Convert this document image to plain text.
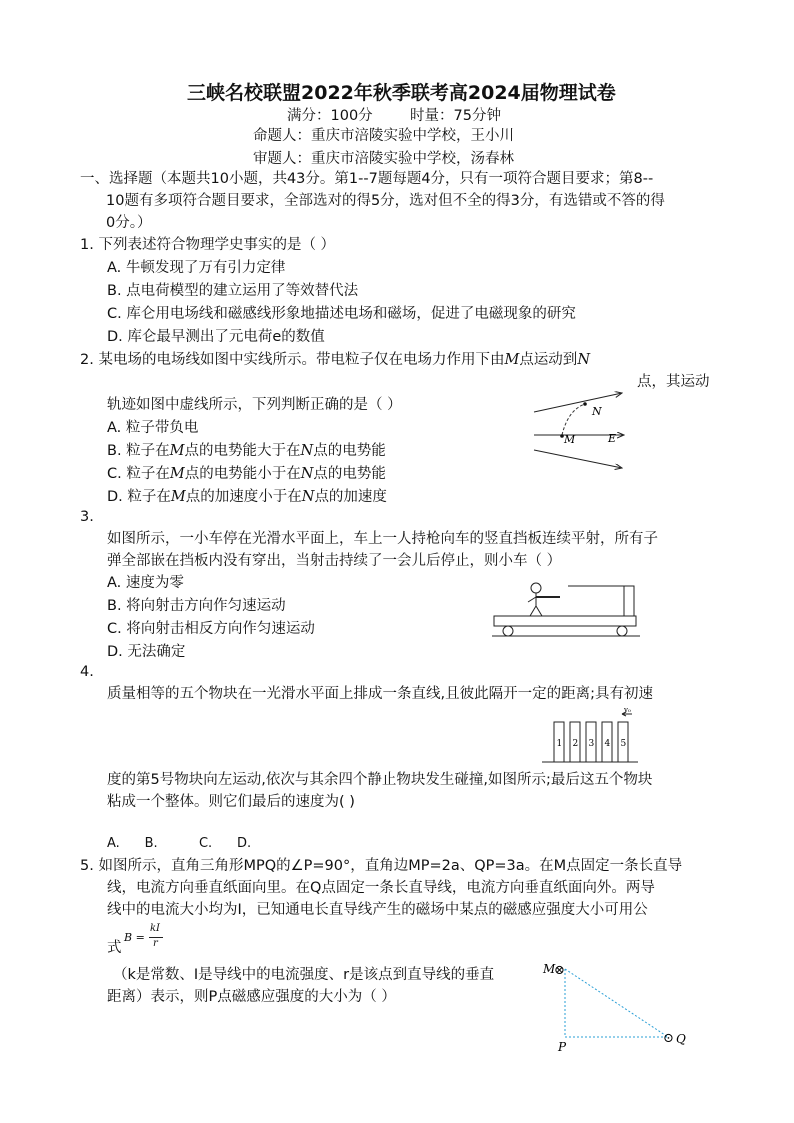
三峡名校联盟2022年秋季联考高2024届物理试卷
满分：100分	时量：75分钟
命题人：重庆市涪陵实验中学校，王小川
审题人：重庆市涪陵实验中学校，汤春林
一、选择题（本题共10小题，共43分。第1--7题每题4分，只有一项符合题目要求；第8--
10题有多项符合题目要求，全部选对的得5分，选对但不全的得3分，有选错或不答的得
0分。）
1. 下列表述符合物理学史事实的是（ ）
A. 牛顿发现了万有引力定律
B. 点电荷模型的建立运用了等效替代法
C. 库仑用电场线和磁感线形象地描述电场和磁场，促进了电磁现象的研究
D. 库仑最早测出了元电荷e的数值
2. 某电场的电场线如图中实线所示。带电粒子仅在电场力作用下由M点运动到N
点，其运动
轨迹如图中虚线所示，下列判断正确的是（ ）
A. 粒子带负电
B. 粒子在M点的电势能大于在N点的电势能
C. 粒子在M点的电势能小于在N点的电势能
D. 粒子在M点的加速度小于在N点的加速度
M
N
E
3.
如图所示，一小车停在光滑水平面上，车上一人持枪向车的竖直挡板连续平射，所有子
弹全部嵌在挡板内没有穿出，当射击持续了一会儿后停止，则小车（ ）
A. 速度为零
B. 将向射击方向作匀速运动
C. 将向射击相反方向作匀速运动
D. 无法确定
4.
质量相等的五个物块在一光滑水平面上排成一条直线,且彼此隔开一定的距离;具有初速
1 2 3 4 5
v₀
度的第5号物块向左运动,依次与其余四个静止物块发生碰撞,如图所示;最后这五个物块
粘成一个整体。则它们最后的速度为( )
A.      B.          C.      D.
5. 如图所示，直角三角形MPQ的∠P=90°，直角边MP=2a、QP=3a。在M点固定一条长直导
线，电流方向垂直纸面向里。在Q点固定一条长直导线，电流方向垂直纸面向外。两导
线中的电流大小均为I，已知通电长直导线产生的磁场中某点的磁感应强度大小可用公
式
B =
kI
r
（k是常数、I是导线中的电流强度、r是该点到直导线的垂直
距离）表示，则P点磁感应强度的大小为（ ）
M
⊗
P
⊙ Q
